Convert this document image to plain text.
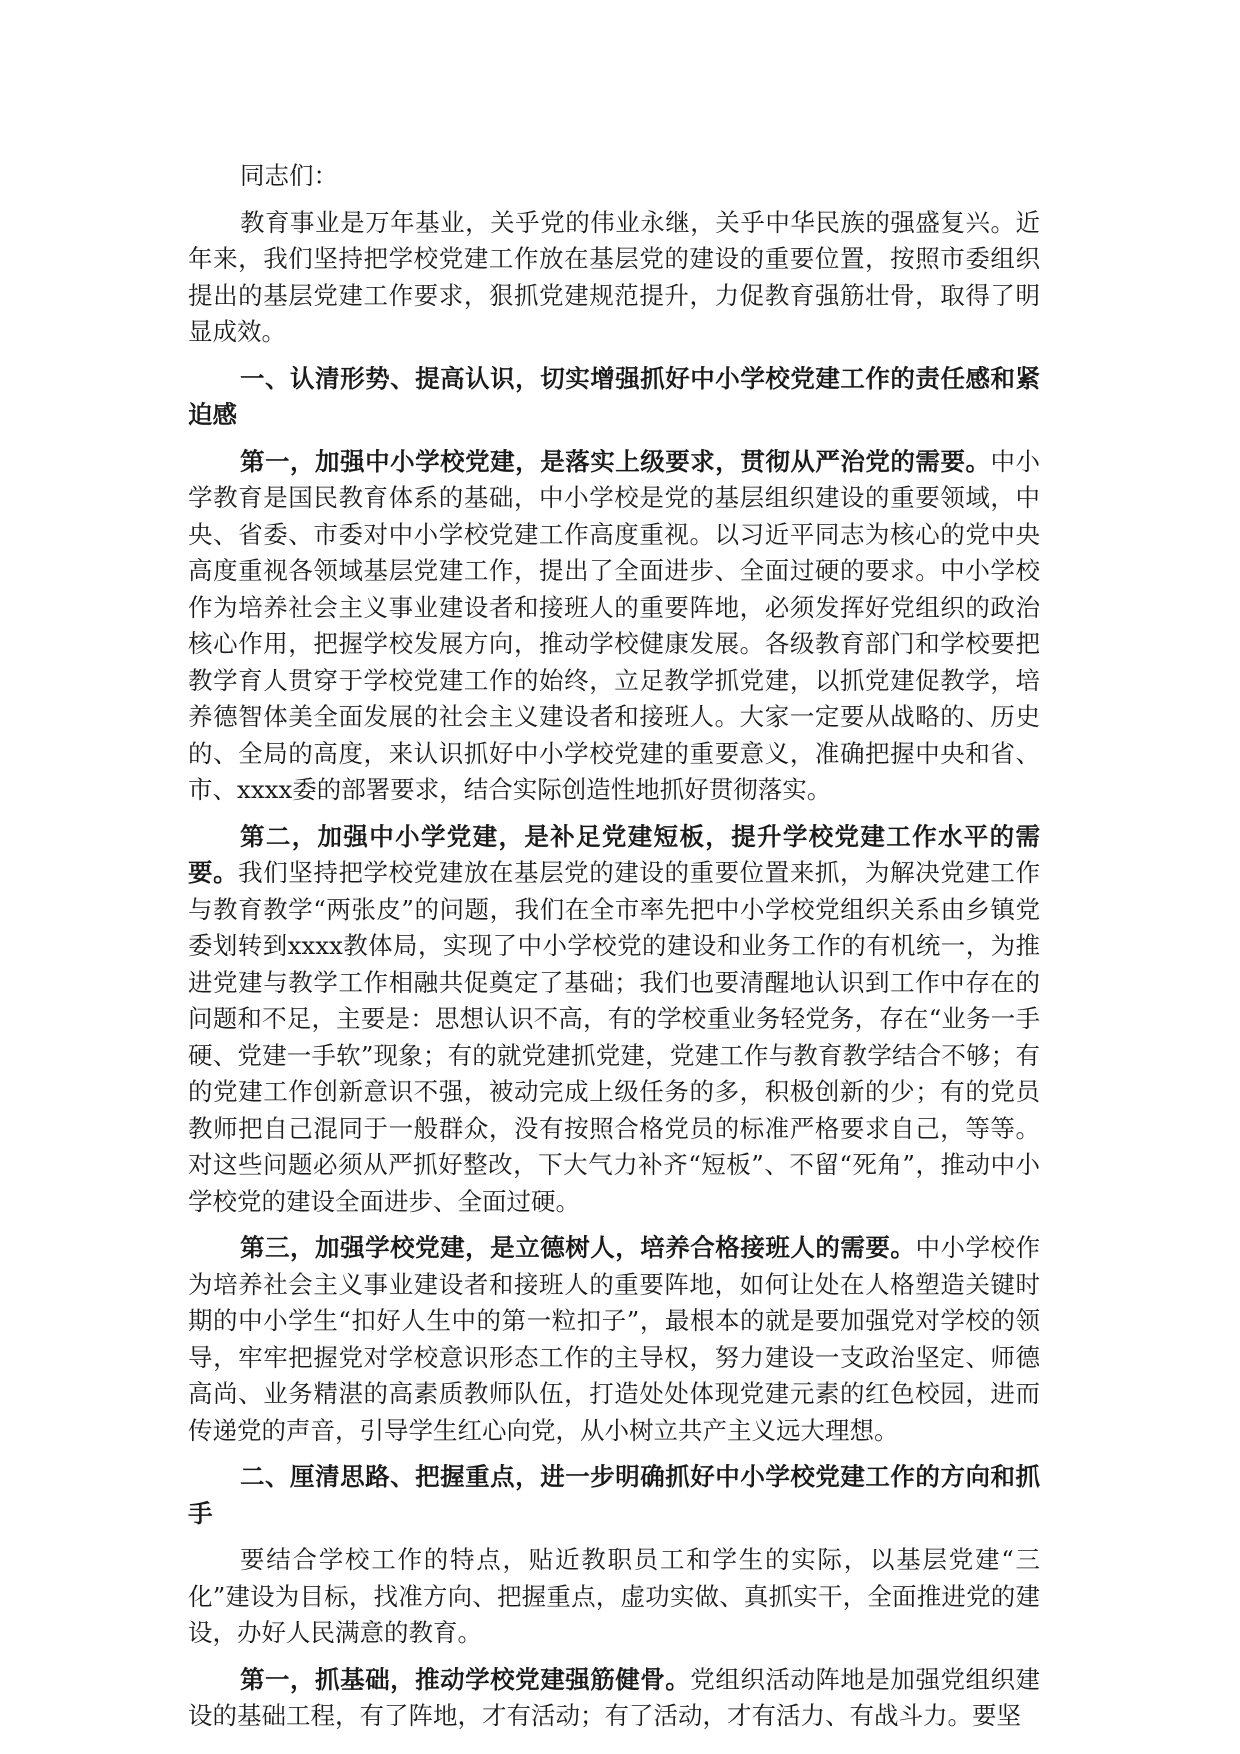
同志们：

教育事业是万年基业，关乎党的伟业永继，关乎中华民族的强盛复兴。近年来，我们坚持把学校党建工作放在基层党的建设的重要位置，按照市委组织提出的基层党建工作要求，狠抓党建规范提升，力促教育强筋壮骨，取得了明显成效。

一、认清形势、提高认识，切实增强抓好中小学校党建工作的责任感和紧迫感

第一，加强中小学校党建，是落实上级要求，贯彻从严治党的需要。中小学教育是国民教育体系的基础，中小学校是党的基层组织建设的重要领域，中央、省委、市委对中小学校党建工作高度重视。以习近平同志为核心的党中央高度重视各领域基层党建工作，提出了全面进步、全面过硬的要求。中小学校作为培养社会主义事业建设者和接班人的重要阵地，必须发挥好党组织的政治核心作用，把握学校发展方向，推动学校健康发展。各级教育部门和学校要把教学育人贯穿于学校党建工作的始终，立足教学抓党建，以抓党建促教学，培养德智体美全面发展的社会主义建设者和接班人。大家一定要从战略的、历史的、全局的高度，来认识抓好中小学校党建的重要意义，准确把握中央和省、市、xxxx委的部署要求，结合实际创造性地抓好贯彻落实。

第二，加强中小学党建，是补足党建短板，提升学校党建工作水平的需要。我们坚持把学校党建放在基层党的建设的重要位置来抓，为解决党建工作与教育教学“两张皮”的问题，我们在全市率先把中小学校党组织关系由乡镇党委划转到xxxx教体局，实现了中小学校党的建设和业务工作的有机统一，为推进党建与教学工作相融共促奠定了基础；我们也要清醒地认识到工作中存在的问题和不足，主要是：思想认识不高，有的学校重业务轻党务，存在“业务一手硬、党建一手软”现象；有的就党建抓党建，党建工作与教育教学结合不够；有的党建工作创新意识不强，被动完成上级任务的多，积极创新的少；有的党员教师把自己混同于一般群众，没有按照合格党员的标准严格要求自己，等等。对这些问题必须从严抓好整改，下大气力补齐“短板”、不留“死角”，推动中小学校党的建设全面进步、全面过硬。

第三，加强学校党建，是立德树人，培养合格接班人的需要。中小学校作为培养社会主义事业建设者和接班人的重要阵地，如何让处在人格塑造关键时期的中小学生“扣好人生中的第一粒扣子”，最根本的就是要加强党对学校的领导，牢牢把握党对学校意识形态工作的主导权，努力建设一支政治坚定、师德高尚、业务精湛的高素质教师队伍，打造处处体现党建元素的红色校园，进而传递党的声音，引导学生红心向党，从小树立共产主义远大理想。

二、厘清思路、把握重点，进一步明确抓好中小学校党建工作的方向和抓手

要结合学校工作的特点，贴近教职员工和学生的实际，以基层党建“三化”建设为目标，找准方向、把握重点，虚功实做、真抓实干，全面推进党的建设，办好人民满意的教育。

第一，抓基础，推动学校党建强筋健骨。党组织活动阵地是加强党组织建设的基础工程，有了阵地，才有活动；有了活动，才有活力、有战斗力。要坚
